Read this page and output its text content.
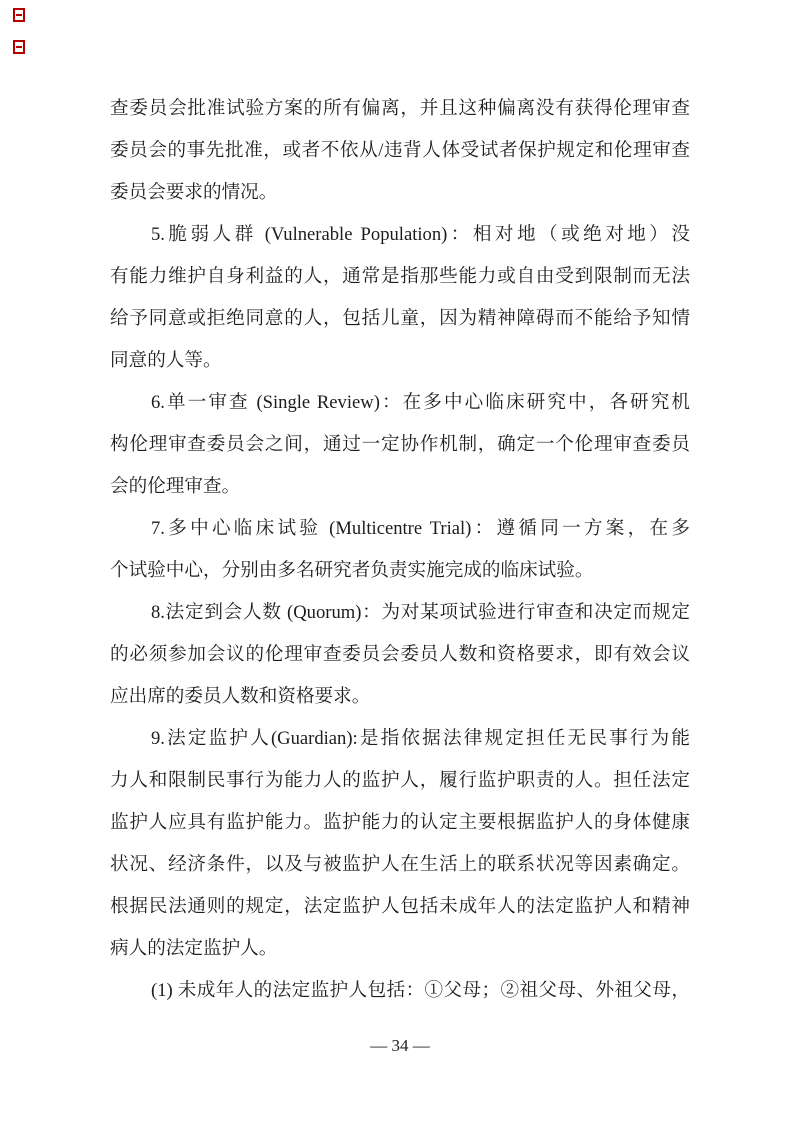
查委员会批准试验方案的所有偏离，并且这种偏离没有获得伦理审查
委员会的事先批准，或者不依从/违背人体受试者保护规定和伦理审查
委员会要求的情况。
5.脆弱人群 (Vulnerable Population)：相对地（或绝对地）没
有能力维护自身利益的人，通常是指那些能力或自由受到限制而无法
给予同意或拒绝同意的人，包括儿童，因为精神障碍而不能给予知情
同意的人等。
6.单一审查 (Single Review)：在多中心临床研究中，各研究机
构伦理审查委员会之间，通过一定协作机制，确定一个伦理审查委员
会的伦理审查。
7.多中心临床试验 (Multicentre Trial)：遵循同一方案，在多
个试验中心，分别由多名研究者负责实施完成的临床试验。
8.法定到会人数 (Quorum)：为对某项试验进行审查和决定而规定
的必须参加会议的伦理审查委员会委员人数和资格要求，即有效会议
应出席的委员人数和资格要求。
9.法定监护人(Guardian):是指依据法律规定担任无民事行为能
力人和限制民事行为能力人的监护人，履行监护职责的人。担任法定
监护人应具有监护能力。监护能力的认定主要根据监护人的身体健康
状况、经济条件，以及与被监护人在生活上的联系状况等因素确定。
根据民法通则的规定，法定监护人包括未成年人的法定监护人和精神
病人的法定监护人。
(1) 未成年人的法定监护人包括：①父母；②祖父母、外祖父母，
— 34 —
